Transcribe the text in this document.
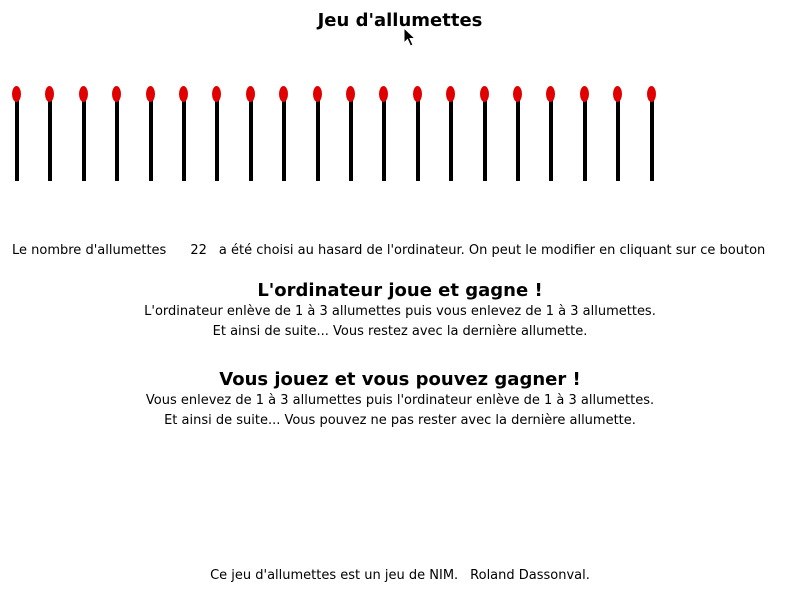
Jeu d'allumettes
Le nombre d'allumettes 22 a été choisi au hasard de l'ordinateur. On peut le modifier en cliquant sur ce bouton
L'ordinateur joue et gagne !

L'ordinateur enlève de 1 à 3 allumettes puis vous enlevez de 1 à 3 allumettes.

Et ainsi de suite... Vous restez avec la dernière allumette.

Vous jouez et vous pouvez gagner !

Vous enlevez de 1 à 3 allumettes puis l'ordinateur enlève de 1 à 3 allumettes.

Et ainsi de suite... Vous pouvez ne pas rester avec la dernière allumette.

Ce jeu d'allumettes est un jeu de NIM. Roland Dassonval.
